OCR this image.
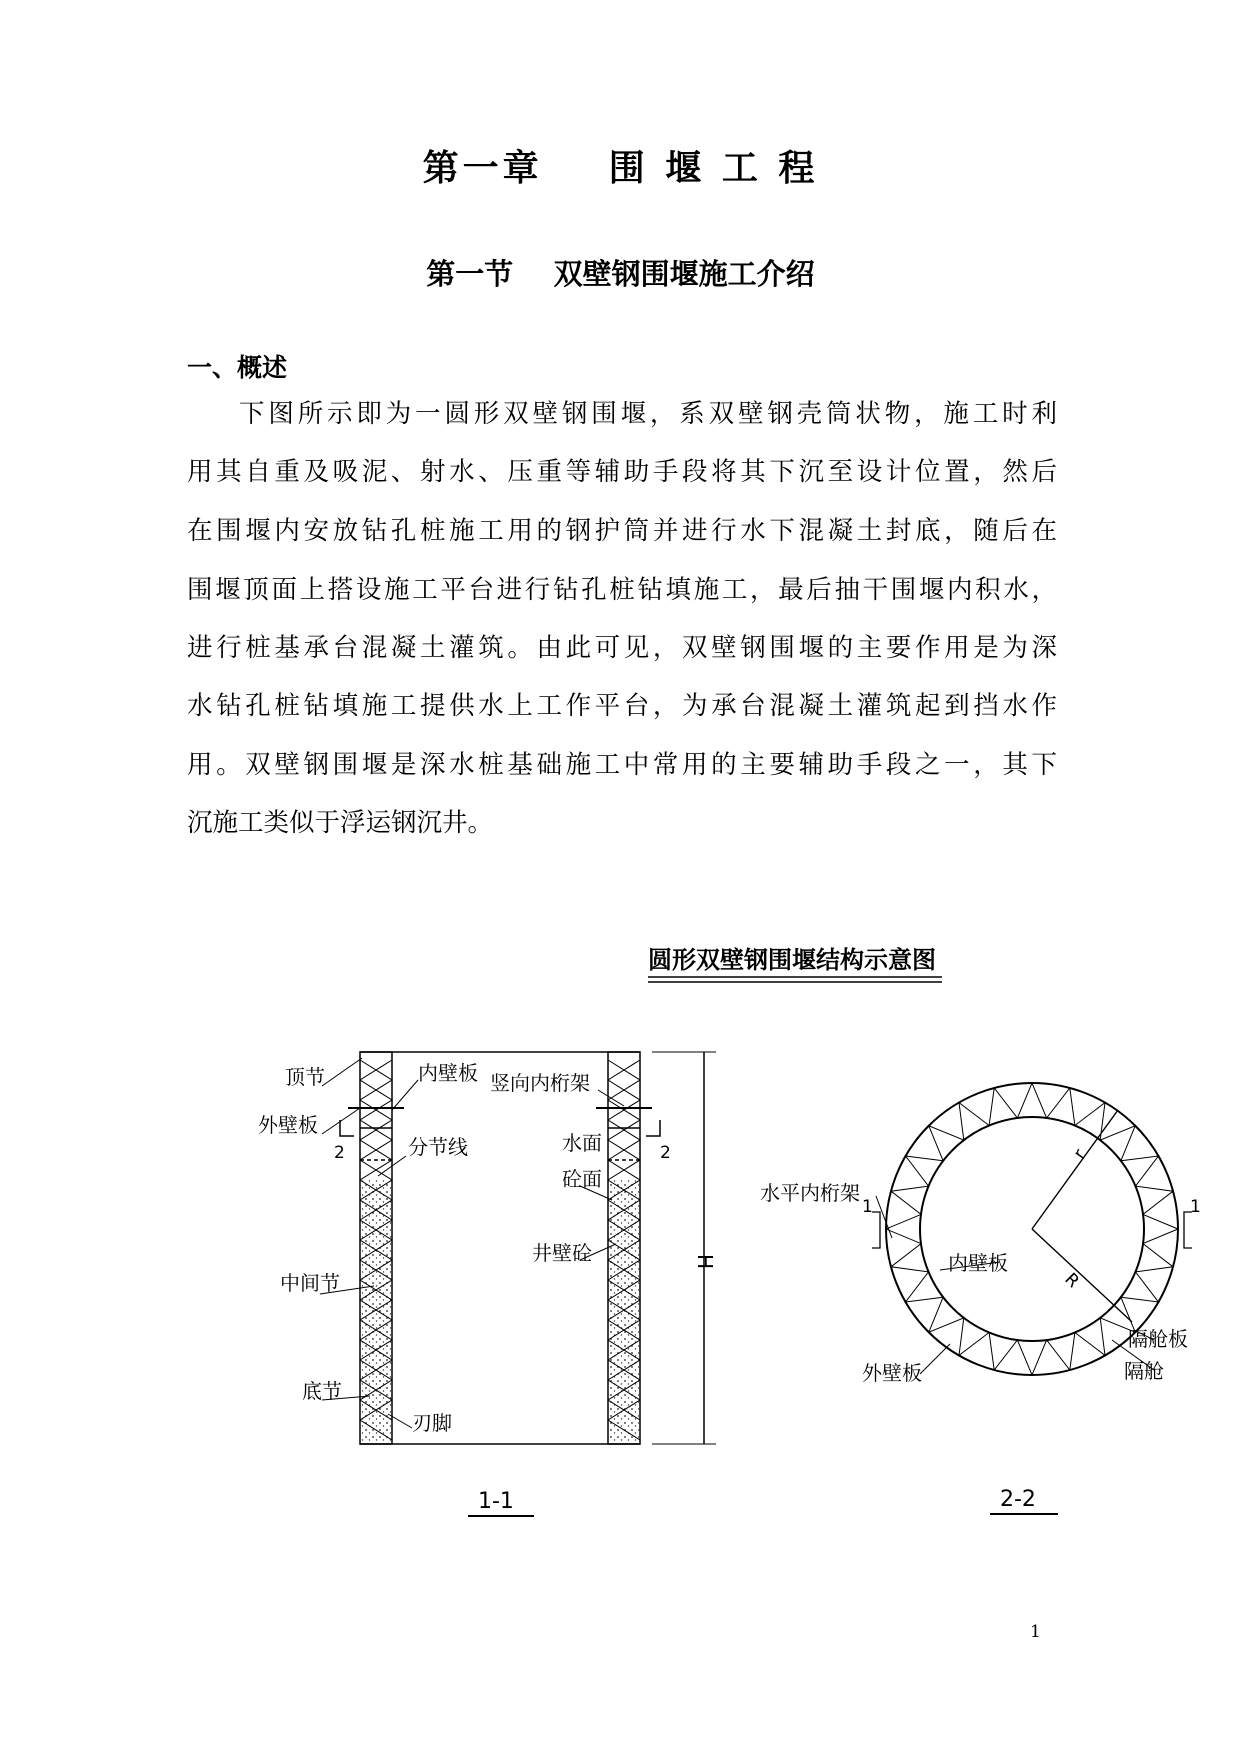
第一章    围 堰 工 程
第一节    双壁钢围堰施工介绍
一、概述
下图所示即为一圆形双壁钢围堰，系双壁钢壳筒状物，施工时利
用其自重及吸泥、射水、压重等辅助手段将其下沉至设计位置，然后
在围堰内安放钻孔桩施工用的钢护筒并进行水下混凝土封底，随后在
围堰顶面上搭设施工平台进行钻孔桩钻填施工，最后抽干围堰内积水，
进行桩基承台混凝土灌筑。由此可见，双壁钢围堰的主要作用是为深
水钻孔桩钻填施工提供水上工作平台，为承台混凝土灌筑起到挡水作
用。双壁钢围堰是深水桩基础施工中常用的主要辅助手段之一，其下
沉施工类似于浮运钢沉井。
圆形双壁钢围堰结构示意图
顶节
外壁板
内壁板 竖向内桁架
分节线	水面
砼面
井壁砼
中间节
底节
刃脚
H
2	2
1-1
水平内桁架
内壁板
外壁板
隔舱板
隔舱
r
R
1	1
2-2
1
